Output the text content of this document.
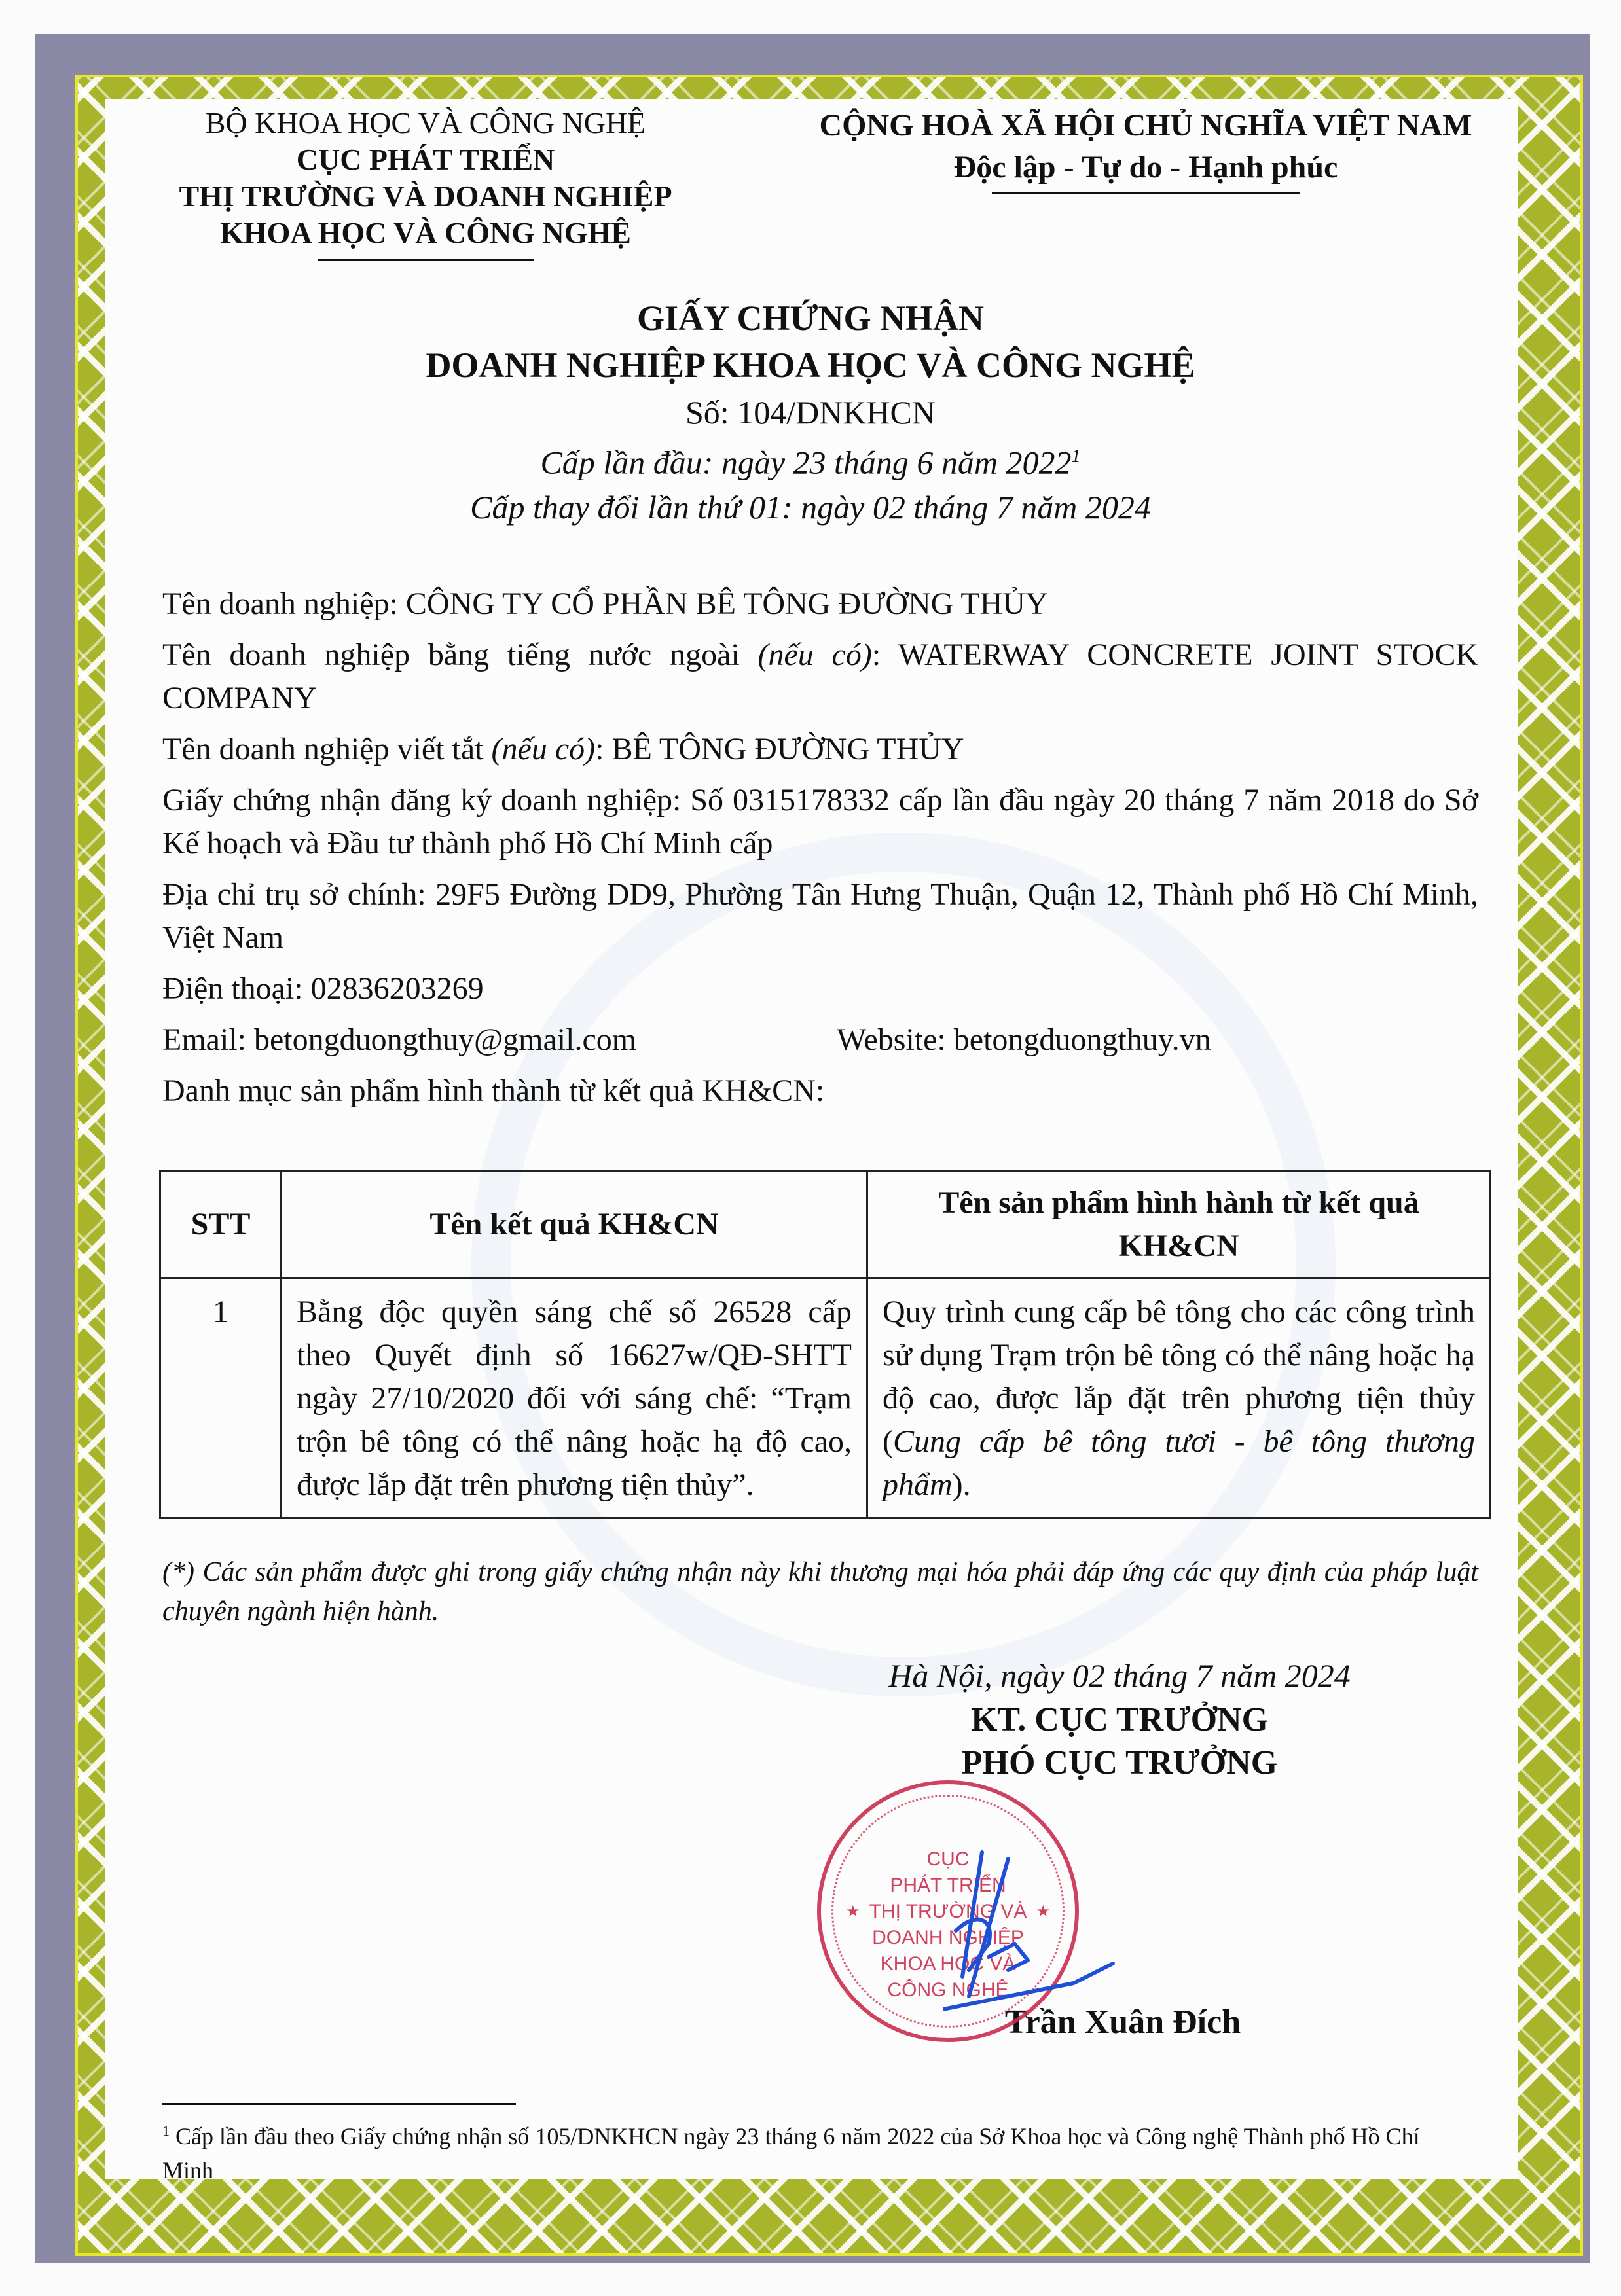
BỘ KHOA HỌC VÀ CÔNG NGHỆ
CỤC PHÁT TRIỂN
THỊ TRƯỜNG VÀ DOANH NGHIỆP
KHOA HỌC VÀ CÔNG NGHỆ
CỘNG HOÀ XÃ HỘI CHỦ NGHĨA VIỆT NAM
Độc lập - Tự do - Hạnh phúc
GIẤY CHỨNG NHẬN
DOANH NGHIỆP KHOA HỌC VÀ CÔNG NGHỆ
Số: 104/DNKHCN
Cấp lần đầu: ngày 23 tháng 6 năm 2022$^1$
Cấp thay đổi lần thứ 01: ngày 02 tháng 7 năm 2024

Tên doanh nghiệp: CÔNG TY CỔ PHẦN BÊ TÔNG ĐƯỜNG THỦY

Tên doanh nghiệp bằng tiếng nước ngoài (nếu có): WATERWAY CONCRETE JOINT STOCK COMPANY

Tên doanh nghiệp viết tắt (nếu có): BÊ TÔNG ĐƯỜNG THỦY

Giấy chứng nhận đăng ký doanh nghiệp: Số 0315178332 cấp lần đầu ngày 20 tháng 7 năm 2018 do Sở Kế hoạch và Đầu tư thành phố Hồ Chí Minh cấp

Địa chỉ trụ sở chính: 29F5 Đường DD9, Phường Tân Hưng Thuận, Quận 12, Thành phố Hồ Chí Minh, Việt Nam

Điện thoại: 02836203269

Email: betongduongthuy@gmail.com	Website: betongduongthuy.vn

Danh mục sản phẩm hình thành từ kết quả KH&CN:

STT	Tên kết quả KH&CN	Tên sản phẩm hình hành từ kết quả KH&CN
1	Bằng độc quyền sáng chế số 26528 cấp theo Quyết định số 16627w/QĐ-SHTT ngày 27/10/2020 đối với sáng chế: “Trạm trộn bê tông có thể nâng hoặc hạ độ cao, được lắp đặt trên phương tiện thủy”.	Quy trình cung cấp bê tông cho các công trình sử dụng Trạm trộn bê tông có thể nâng hoặc hạ độ cao, được lắp đặt trên phương tiện thủy (Cung cấp bê tông tươi - bê tông thương phẩm).
(*) Các sản phẩm được ghi trong giấy chứng nhận này khi thương mại hóa phải đáp ứng các quy định của pháp luật chuyên ngành hiện hành.
Hà Nội, ngày 02 tháng 7 năm 2024
KT. CỤC TRƯỞNG
PHÓ CỤC TRƯỞNG
Trần Xuân Đích
★	★
CỤC
PHÁT TRIỂN
THỊ TRƯỜNG VÀ
DOANH NGHIỆP
KHOA HỌC VÀ
CÔNG NGHỆ
$^1$ Cấp lần đầu theo Giấy chứng nhận số 105/DNKHCN ngày 23 tháng 6 năm 2022 của Sở Khoa học và Công nghệ Thành phố Hồ Chí Minh
